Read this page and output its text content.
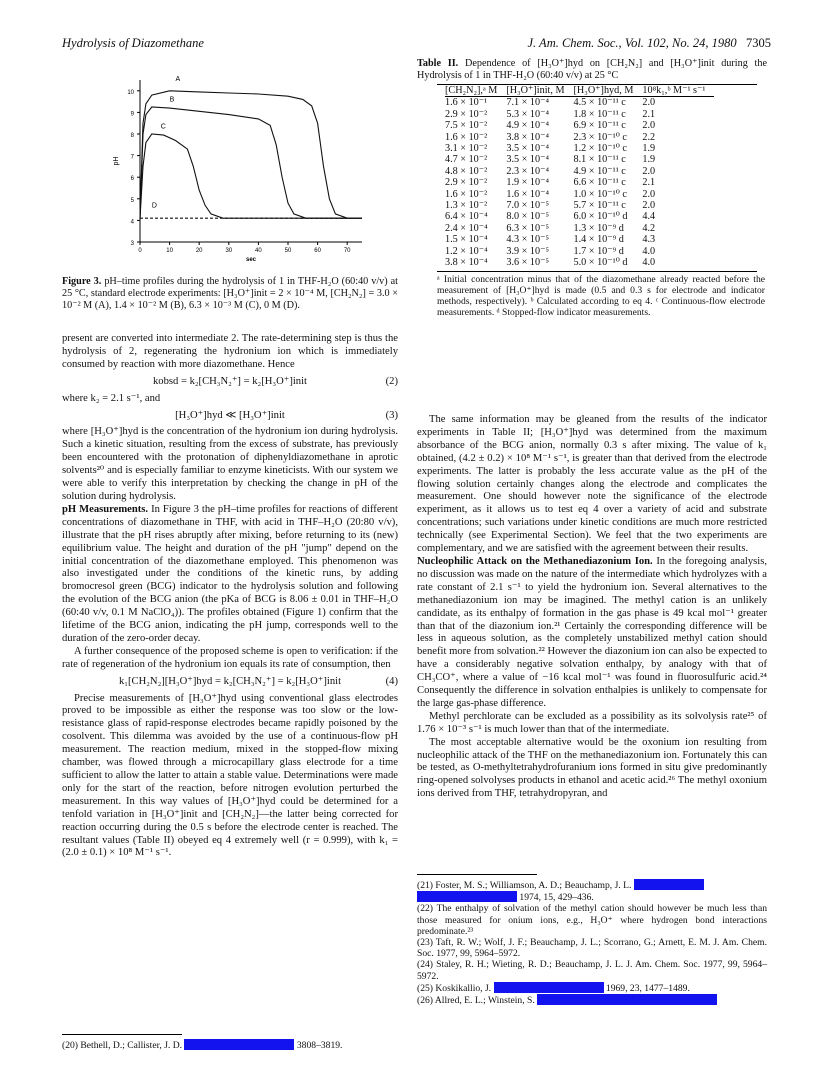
Hydrolysis of Diazomethane	J. Am. Chem. Soc., Vol. 102, No. 24, 1980 7305
10
9
8
7
6
5
4
3
0	10	20	30	40	50	60	70
pH
sec
A
B
C
D
Figure 3. pH–time profiles during the hydrolysis of 1 in THF-H₂O (60:40 v/v) at 25 °C, standard electrode experiments: [H₃O⁺]init = 2 × 10⁻⁴ M, [CH₂N₂] = 3.0 × 10⁻² M (A), 1.4 × 10⁻² M (B), 6.3 × 10⁻³ M (C), 0 M (D).

present are converted into intermediate 2. The rate-determining step is thus the hydrolysis of 2, regenerating the hydronium ion which is immediately consumed by reaction with more diazomethane. Hence

kobsd = k₂[CH₃N₂⁺] = k₂[H₃O⁺]init	(2)

where k₂ = 2.1 s⁻¹, and

[H₃O⁺]hyd ≪ [H₃O⁺]init	(3)

where [H₃O⁺]hyd is the concentration of the hydronium ion during hydrolysis. Such a kinetic situation, resulting from the excess of substrate, has previously been encountered with the protonation of diphenyldiazomethane in aprotic solvents²⁰ and is especially familiar to enzyme kineticists. With our system we were able to verify this interpretation by checking the change in pH of the solution during hydrolysis.

pH Measurements. In Figure 3 the pH–time profiles for reactions of different concentrations of diazomethane in THF, with acid in THF–H₂O (20:80 v/v), illustrate that the pH rises abruptly after mixing, before returning to its (new) equilibrium value. The height and duration of the pH "jump" depend on the initial concentration of the diazomethane employed. This phenomenon was also investigated under the conditions of the kinetic runs, by adding bromocresol green (BCG) indicator to the hydrolysis solution and following the evolution of the BCG anion (the pKa of BCG is 8.06 ± 0.01 in THF–H₂O (60:40 v/v, 0.1 M NaClO₄)). The profiles obtained (Figure 1) confirm that the lifetime of the BCG anion, indicating the pH jump, corresponds well to the duration of the zero-order decay.

A further consequence of the proposed scheme is open to verification: if the rate of regeneration of the hydronium ion equals its rate of consumption, then

k₁[CH₂N₂][H₃O⁺]hyd = k₂[CH₃N₂⁺] = k₂[H₃O⁺]init	(4)

Precise measurements of [H₃O⁺]hyd using conventional glass electrodes proved to be impossible as either the response was too slow or the low-resistance glass of rapid-response electrodes became rapidly poisoned by the cosolvent. This dilemma was avoided by the use of a continuous-flow pH measurement. The reaction medium, mixed in the stopped-flow mixing chamber, was flowed through a microcapillary glass electrode for a time sufficient to allow the latter to attain a stable value. Determinations were made only for the start of the reaction, before nitrogen evolution perturbed the measurement. In this way values of [H₃O⁺]hyd could be determined for a tenfold variation in [H₃O⁺]init and [CH₂N₂]—the latter being corrected for reaction occurring during the 0.5 s before the electrode center is reached. The resultant values (Table II) obeyed eq 4 extremely well (r = 0.999), with k₁ = (2.0 ± 0.1) × 10⁸ M⁻¹ s⁻¹.

(20) Bethell, D.; Callister, J. D.	3808–3819.
Table II. Dependence of [H₃O⁺]hyd on [CH₂N₂] and [H₃O⁺]init during the Hydrolysis of 1 in THF-H₂O (60:40 v/v) at 25 °C
[CH₂N₂],ᵃ M	[H₃O⁺]init, M	[H₃O⁺]hyd, M	10⁸k₁,ᵇ M⁻¹ s⁻¹
1.6 × 10⁻¹	7.1 × 10⁻⁴	4.5 × 10⁻¹¹ c	2.0
2.9 × 10⁻²	5.3 × 10⁻⁴	1.8 × 10⁻¹¹ c	2.1
7.5 × 10⁻²	4.9 × 10⁻⁴	6.9 × 10⁻¹¹ c	2.0
1.6 × 10⁻²	3.8 × 10⁻⁴	2.3 × 10⁻¹⁰ c	2.2
3.1 × 10⁻²	3.5 × 10⁻⁴	1.2 × 10⁻¹⁰ c	1.9
4.7 × 10⁻²	3.5 × 10⁻⁴	8.1 × 10⁻¹¹ c	1.9
4.8 × 10⁻²	2.3 × 10⁻⁴	4.9 × 10⁻¹¹ c	2.0
2.9 × 10⁻²	1.9 × 10⁻⁴	6.6 × 10⁻¹¹ c	2.1
1.6 × 10⁻²	1.6 × 10⁻⁴	1.0 × 10⁻¹⁰ c	2.0
1.3 × 10⁻²	7.0 × 10⁻⁵	5.7 × 10⁻¹¹ c	2.0
6.4 × 10⁻⁴	8.0 × 10⁻⁵	6.0 × 10⁻¹⁰ d	4.4
2.4 × 10⁻⁴	6.3 × 10⁻⁵	1.3 × 10⁻⁹ d	4.2
1.5 × 10⁻⁴	4.3 × 10⁻⁵	1.4 × 10⁻⁹ d	4.3
1.2 × 10⁻⁴	3.9 × 10⁻⁵	1.7 × 10⁻⁹ d	4.0
3.8 × 10⁻⁴	3.6 × 10⁻⁵	5.0 × 10⁻¹⁰ d	4.0
ᵃ Initial concentration minus that of the diazomethane already reacted before the measurement of [H₃O⁺]hyd is made (0.5 and 0.3 s for electrode and indicator methods, respectively). ᵇ Calculated according to eq 4. ᶜ Continuous-flow electrode measurements. ᵈ Stopped-flow indicator measurements.

The same information may be gleaned from the results of the indicator experiments in Table II; [H₃O⁺]hyd was determined from the maximum absorbance of the BCG anion, normally 0.3 s after mixing. The value of k₁ obtained, (4.2 ± 0.2) × 10⁸ M⁻¹ s⁻¹, is greater than that derived from the electrode experiments. The latter is probably the less accurate value as the pH of the flowing solution certainly changes along the electrode and complicates the measurement. One should however note the significance of the electrode experiment, as it allows us to test eq 4 over a variety of acid and substrate concentrations; such variations under kinetic conditions are much more restricted technically (see Experimental Section). We feel that the two experiments are complementary, and we are satisfied with the agreement between their results.

Nucleophilic Attack on the Methanediazonium Ion. In the foregoing analysis, no discussion was made on the nature of the intermediate which hydrolyzes with a rate constant of 2.1 s⁻¹ to yield the hydronium ion. Several alternatives to the methanediazonium ion may be imagined. The methyl cation is an unlikely candidate, as its enthalpy of formation in the gas phase is 49 kcal mol⁻¹ greater than that of the diazonium ion.²¹ Certainly the corresponding difference will be less in aqueous solution, as the completely unstabilized methyl cation should benefit more from solvation.²² However the diazonium ion can also be expected to have a considerably negative solvation enthalpy, by analogy with that of CH₃CO⁺, where a value of −16 kcal mol⁻¹ was found in fluorosulfuric acid.²⁴ Consequently the difference in solvation enthalpies is unlikely to compensate for the large gas-phase difference.

Methyl perchlorate can be excluded as a possibility as its solvolysis rate²⁵ of 1.76 × 10⁻³ s⁻¹ is much lower than that of the intermediate.

The most acceptable alternative would be the oxonium ion resulting from nucleophilic attack of the THF on the methanediazonium ion. Fortunately this can be tested, as O-methyltetrahydrofuranium ions formed in situ give predominantly ring-opened solvolyses products in ethanol and acetic acid.²⁶ The methyl oxonium ions derived from THF, tetrahydropyran, and

(21) Foster, M. S.; Williamson, A. D.; Beauchamp, J. L.
1974, 15, 429–436.
(22) The enthalpy of solvation of the methyl cation should however be much less than those measured for onium ions, e.g., H₃O⁺ where hydrogen bond interactions predominate.²³
(23) Taft, R. W.; Wolf, J. F.; Beauchamp, J. L.; Scorrano, G.; Arnett, E. M. J. Am. Chem. Soc. 1977, 99, 5964–5972.
(24) Staley, R. H.; Wieting, R. D.; Beauchamp, J. L. J. Am. Chem. Soc. 1977, 99, 5964–5972.
(25) Koskikallio, J.	1969, 23, 1477–1489.
(26) Allred, E. L.; Winstein, S.
